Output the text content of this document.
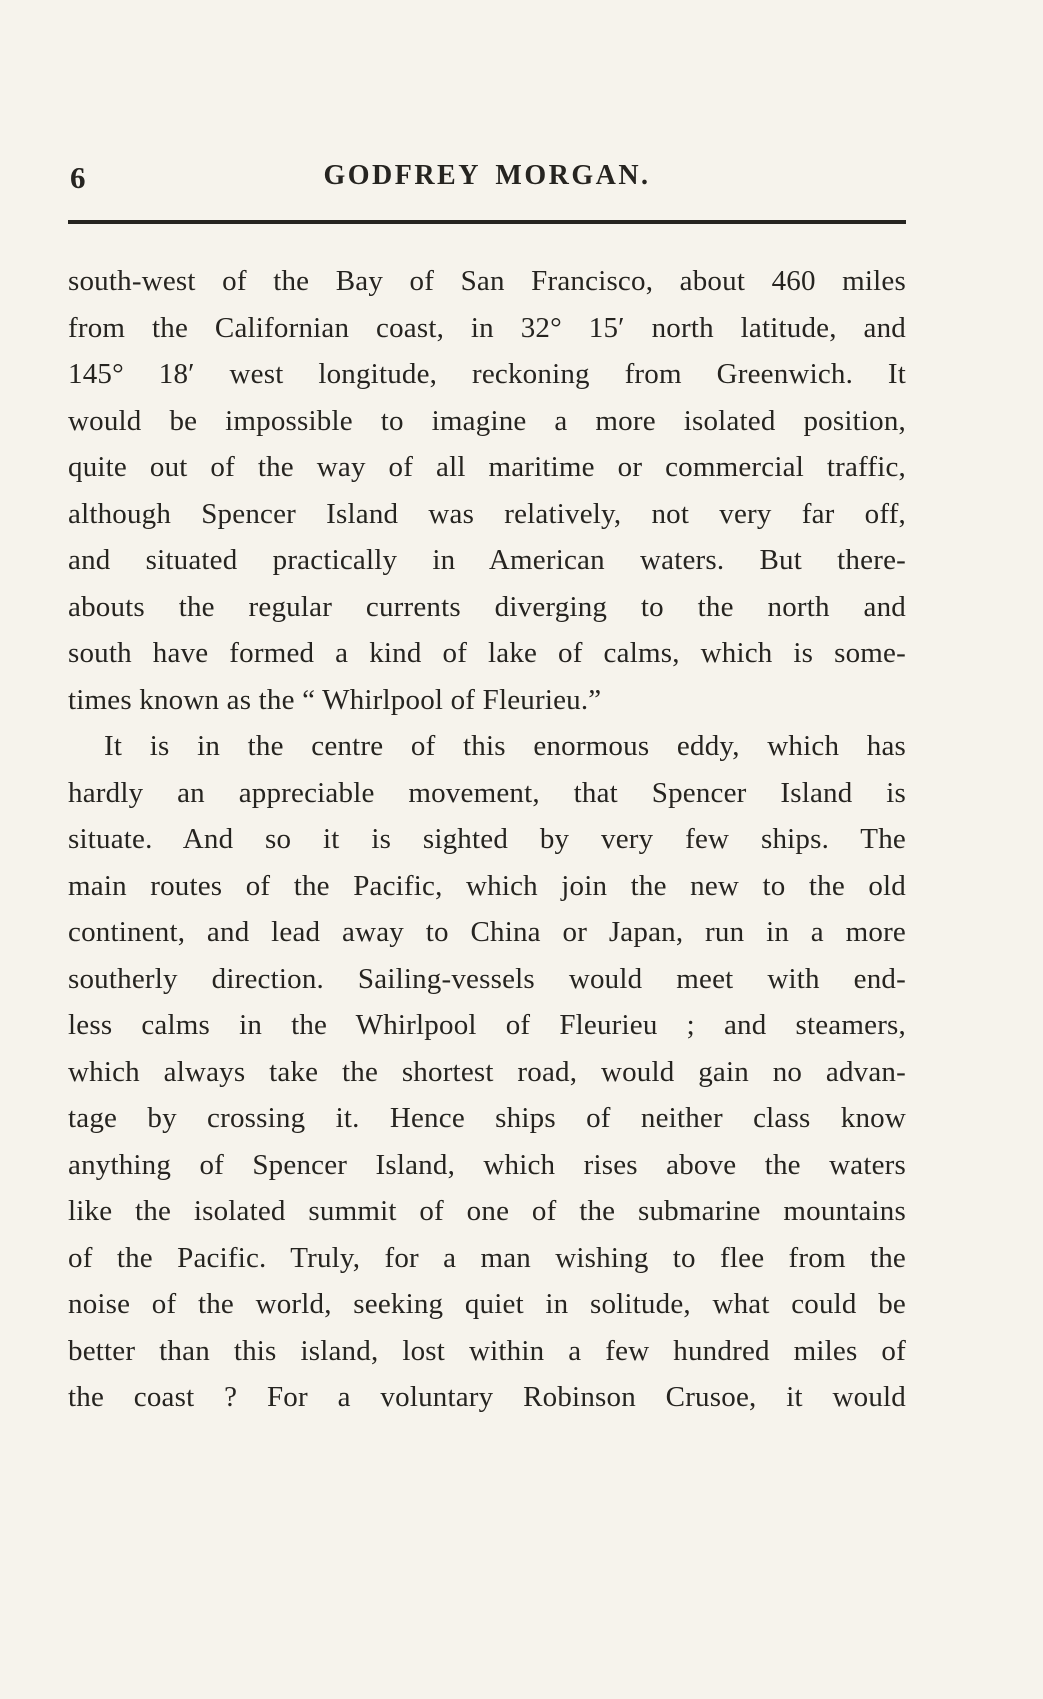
6	GODFREY MORGAN.
south-west of the Bay of San Francisco, about 460 miles
from the Californian coast, in 32° 15′ north latitude, and
145° 18′ west longitude, reckoning from Greenwich. It
would be impossible to imagine a more isolated position,
quite out of the way of all maritime or commercial traffic,
although Spencer Island was relatively, not very far off,
and situated practically in American waters. But there-
abouts the regular currents diverging to the north and
south have formed a kind of lake of calms, which is some-
times known as the “ Whirlpool of Fleurieu.”
It is in the centre of this enormous eddy, which has
hardly an appreciable movement, that Spencer Island is
situate. And so it is sighted by very few ships. The
main routes of the Pacific, which join the new to the old
continent, and lead away to China or Japan, run in a more
southerly direction. Sailing-vessels would meet with end-
less calms in the Whirlpool of Fleurieu ; and steamers,
which always take the shortest road, would gain no advan-
tage by crossing it. Hence ships of neither class know
anything of Spencer Island, which rises above the waters
like the isolated summit of one of the submarine mountains
of the Pacific. Truly, for a man wishing to flee from the
noise of the world, seeking quiet in solitude, what could be
better than this island, lost within a few hundred miles of
the coast ? For a voluntary Robinson Crusoe, it would
